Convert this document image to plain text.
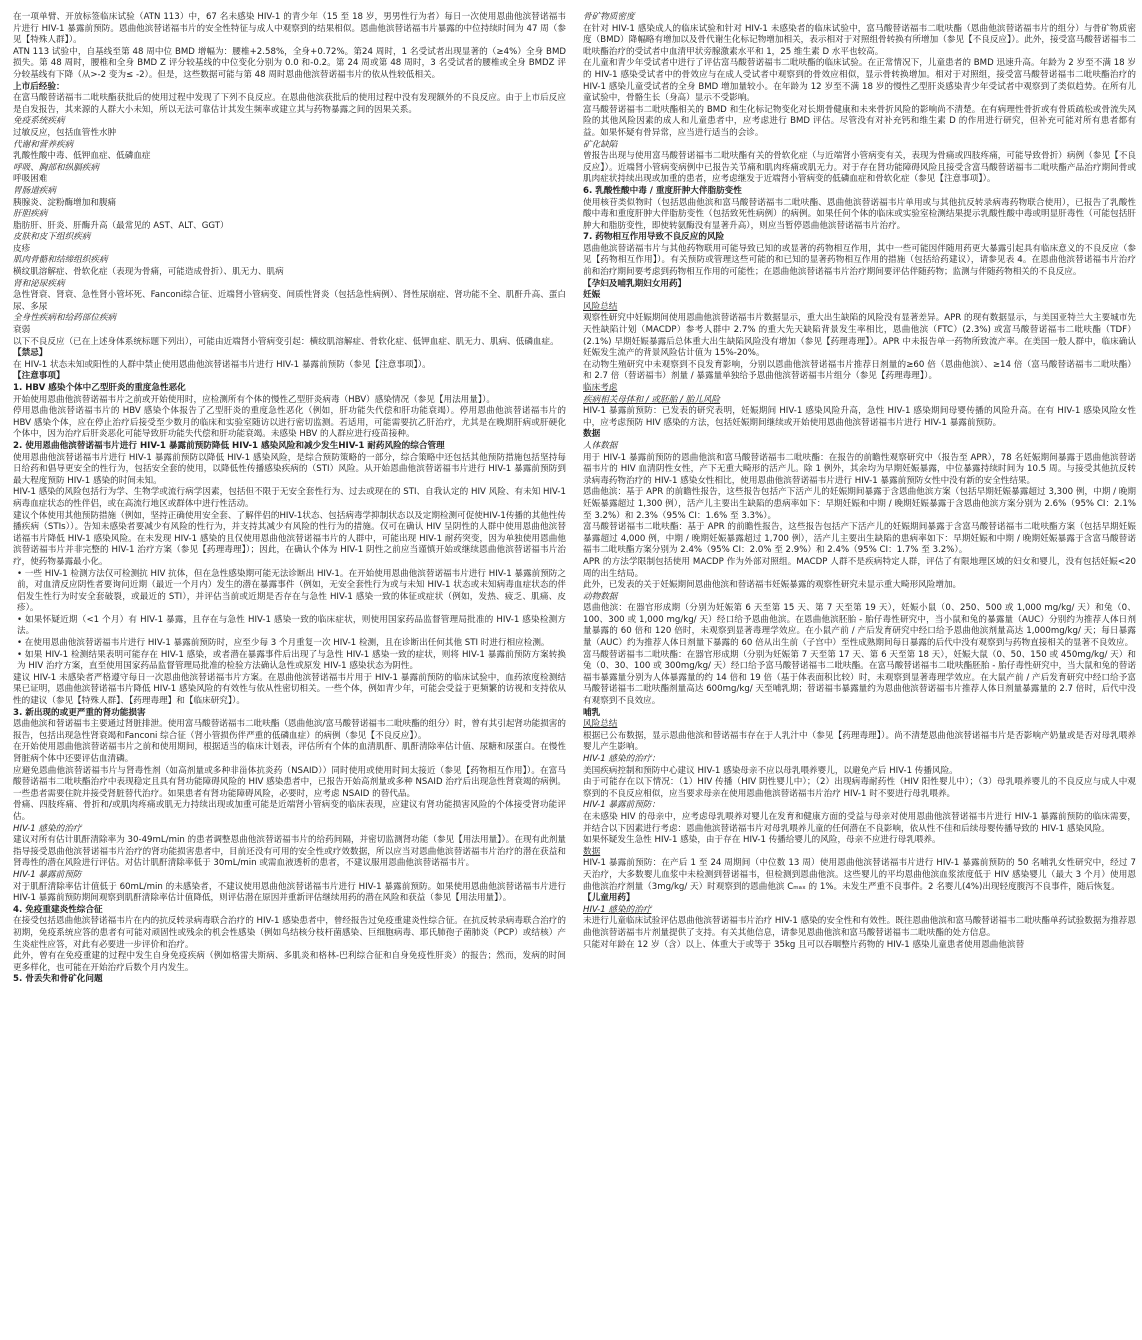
在一项单臂、开放标签临床试验（ATN 113）中，67 名未感染 HIV-1 的青少年（15 至 18 岁，男男性行为者）每日一次使用恩曲他滨替诺福韦片进行 HIV-1 暴露前预防。恩曲他滨替诺福韦片的安全性特征与成人中观察到的结果相似。恩曲他滨替诺福韦片暴露的中位持续时间为 47 周（参见【特殊人群】）。
ATN 113 试验中，自基线至第 48 周中位 BMD 增幅为：腰椎+2.58%，全身+0.72%。第24 周时，1 名受试者出现显著的（≥4%）全身 BMD 损失。第 48 周时，腰椎和全身 BMD Z 评分较基线的中位变化分别为 0.0 和-0.2。第 24 周或第 48 周时，3 名受试者的腰椎或全身 BMDZ 评分较基线有下降（从>-2 变为≤ -2）。但是，这些数据可能与第 48 周时恩曲他滨替诺福韦片的依从性较低相关。
上市后经验：
在富马酸替诺福韦二吡呋酯获批后的使用过程中发现了下列不良反应。在恩曲他滨获批后的使用过程中没有发现额外的不良反应。由于上市后反应是自发报告，其来源的人群大小未知，所以无法可靠估计其发生频率或建立其与药物暴露之间的因果关系。
免疫系统疾病
过敏反应，包括血管性水肿
代谢和营养疾病
乳酸性酸中毒、低钾血症、低磷血症
呼吸、胸部和纵膈疾病
呼吸困难
胃肠道疾病
胰腺炎、淀粉酶增加和腹痛
肝胆疾病
脂肪肝、肝炎、肝酶升高（最常见的 AST、ALT、GGT）
皮肤和皮下组织疾病
皮疹
肌肉骨骼和结缔组织疾病
横纹肌溶解症、骨软化症（表现为骨痛，可能造成骨折）、肌无力、肌病
肾和泌尿疾病
急性肾衰、肾衰、急性肾小管坏死、Fanconi综合征、近端肾小管病变、间质性肾炎（包括急性病例）、肾性尿崩症、肾功能不全、肌酐升高、蛋白尿、多尿
全身性疾病和给药部位疾病
衰弱
以下不良反应（已在上述身体系统标题下列出），可能由近端肾小管病变引起：横纹肌溶解症、骨软化症、低钾血症、肌无力、肌病、低磷血症。
【禁忌】
在 HIV-1 状态未知或阳性的人群中禁止使用恩曲他滨替诺福韦片进行 HIV-1 暴露前预防（参见【注意事项】）。
【注意事项】
1. HBV 感染个体中乙型肝炎的重度急性恶化
开始使用恩曲他滨替诺福韦片之前或开始使用时，应检测所有个体的慢性乙型肝炎病毒（HBV）感染情况（参见【用法用量】）。
停用恩曲他滨替诺福韦片的 HBV 感染个体报告了乙型肝炎的重度急性恶化（例如，肝功能失代偿和肝功能衰竭）。停用恩曲他滨替诺福韦片的 HBV 感染个体，应在停止治疗后接受至少数月的临床和实验室随访以进行密切监测。若适用，可能需要抗乙肝治疗，尤其是在晚期肝病或肝硬化个体中，因为治疗后肝炎恶化可能导致肝功能失代偿和肝功能衰竭。未感染 HBV 的人群应进行疫苗接种。
2. 使用恩曲他滨替诺福韦片进行 HIV-1 暴露前预防降低 HIV-1 感染风险和减少发生HIV-1 耐药风险的综合管理
使用恩曲他滨替诺福韦片进行 HIV-1 暴露前预防以降低 HIV-1 感染风险，是综合预防策略的一部分，综合策略中还包括其他预防措施包括坚持每日给药和倡导更安全的性行为，包括安全套的使用，以降低性传播感染疾病的（STI）风险。从开始恩曲他滨替诺福韦片进行 HIV-1 暴露前预防到最大程度预防 HIV-1 感染的时间未知。
HIV-1 感染的风险包括行为学、生物学或流行病学因素，包括但不限于无安全套性行为、过去或现在的 STI、自我认定的 HIV 风险、有未知 HIV-1 病毒血症状态的性伴侣，或在高流行地区或群体中进行性活动。
建议个体使用其他预防措施（例如，坚持正确使用安全套、了解伴侣的HIV-1状态、包括病毒学抑制状态以及定期检测可促使HIV-1传播的其他性传播疾病（STIs））。告知未感染者要减少有风险的性行为，并支持其减少有风险的性行为的措施。仅可在确认 HIV 呈阴性的人群中使用恩曲他滨替诺福韦片降低 HIV-1 感染风险。在未发现 HIV-1 感染的且仅使用恩曲他滨替诺福韦片的人群中，可能出现 HIV-1 耐药突变，因为单独使用恩曲他滨替诺福韦片并非完整的 HIV-1 治疗方案（参见【药理毒理】）；因此，在确认个体为 HIV-1 阴性之前应当谨慎开始或继续恩曲他滨替诺福韦片治疗，使药物暴露最小化。
• 一些 HIV-1 检测方法仅可检测抗 HIV 抗体，但在急性感染期可能无法诊断出 HIV-1。在开始使用恩曲他滨替诺福韦片进行 HIV-1 暴露前预防之前，对血清反应阴性者要询问近期（最近一个月内）发生的潜在暴露事件（例如，无安全套性行为或与未知 HIV-1 状态或未知病毒血症状态的伴侣发生性行为时安全套破裂，或最近的 STI），并评估当前或近期是否存在与急性 HIV-1 感染一致的体征或症状（例如，发热、疲乏、肌痛、皮疹）。
• 如果怀疑近期（<1 个月）有 HIV-1 暴露，且存在与急性 HIV-1 感染一致的临床症状，则使用国家药品监督管理局批准的 HIV-1 感染检测方法。
• 在使用恩曲他滨替诺福韦片进行 HIV-1 暴露前预防时，应至少每 3 个月重复一次 HIV-1 检测，且在诊断出任何其他 STI 时进行相应检测。
• 如果 HIV-1 检测结果表明可能存在 HIV-1 感染，或者潜在暴露事件后出现了与急性 HIV-1 感染一致的症状，则将 HIV-1 暴露前预防方案转换为 HIV 治疗方案，直至使用国家药品监督管理局批准的检验方法确认急性或原发 HIV-1 感染状态为阴性。
建议 HIV-1 未感染者严格遵守每日一次恩曲他滨替诺福韦片方案。在恩曲他滨替诺福韦片用于 HIV-1 暴露前预防的临床试验中，血药浓度检测结果已证明，恩曲他滨替诺福韦片降低 HIV-1 感染风险的有效性与依从性密切相关。一些个体，例如青少年，可能会受益于更频繁的访视和支持依从性的建议（参见【特殊人群】、【药理毒理】和【临床研究】）。
3. 新出现的或更严重的肾功能损害
恩曲他滨和替诺福韦主要通过肾脏排泄。使用富马酸替诺福韦二吡呋酯（恩曲他滨/富马酸替诺福韦二吡呋酯的组分）时，曾有其引起肾功能损害的报告，包括出现急性肾衰竭和Fanconi 综合征（肾小管损伤伴严重的低磷血症）的病例（参见【不良反应】）。
在开始使用恩曲他滨替诺福韦片之前和使用期间，根据适当的临床计划表，评估所有个体的血清肌酐、肌酐清除率估计值、尿糖和尿蛋白。在慢性肾脏病个体中还要评估血清磷。
应避免恩曲他滨替诺福韦片与肾毒性剂（如高剂量或多种非甾体抗炎药（NSAID））同时使用或使用时间太接近（参见【药物相互作用】）。在富马酸替诺福韦二吡呋酯治疗中表现稳定且具有肾功能障碍风险的 HIV 感染患者中，已报告开始高剂量或多种 NSAID 治疗后出现急性肾衰竭的病例。一些患者需要住院并接受肾脏替代治疗。如果患者有肾功能障碍风险，必要时，应考虑 NSAID 的替代品。
骨痛、四肢疼痛、骨折和/或肌肉疼痛或肌无力持续出现或加重可能是近端肾小管病变的临床表现，应建议有肾功能损害风险的个体接受肾功能评估。
HIV-1 感染的治疗
建议对所有估计肌酐清除率为 30-49mL/min 的患者调整恩曲他滨替诺福韦片的给药间隔，并密切监测肾功能（参见【用法用量】）。在现有此剂量指导接受恩曲他滨替诺福韦片治疗的肾功能损害患者中，目前还没有可用的安全性或疗效数据，所以应当对恩曲他滨替诺福韦片治疗的潜在获益和肾毒性的潜在风险进行评估。对估计肌酐清除率低于 30mL/min 或需血液透析的患者，不建议服用恩曲他滨替诺福韦片。
HIV-1 暴露前预防
对于肌酐清除率估计值低于 60mL/min 的未感染者，不建议使用恩曲他滨替诺福韦片进行 HIV-1 暴露前预防。如果使用恩曲他滨替诺福韦片进行 HIV-1 暴露前预防期间观察到肌酐清除率估计值降低，则评估潜在原因并重新评估继续用药的潜在风险和获益（参见【用法用量】）。
4. 免疫重建炎性综合征
在接受包括恩曲他滨替诺福韦片在内的抗反转录病毒联合治疗的 HIV-1 感染患者中，曾经报告过免疫重建炎性综合征。在抗反转录病毒联合治疗的初期，免疫系统应答的患者有可能对顽固性或残余的机会性感染（例如鸟结核分枝杆菌感染、巨细胞病毒、耶氏肺孢子菌肺炎（PCP）或结核）产生炎症性应答，对此有必要进一步评价和治疗。
此外，曾有在免疫重建的过程中发生自身免疫疾病（例如格雷夫斯病、多肌炎和格林-巴利综合征和自身免疫性肝炎）的报告；然而，发病的时间更多样化，也可能在开始治疗后数个月内发生。
5. 骨丢失和骨矿化问题
骨矿物质密度
在针对 HIV-1 感染成人的临床试验和针对 HIV-1 未感染者的临床试验中，富马酸替诺福韦二吡呋酯（恩曲他滨替诺福韦片的组分）与骨矿物质密度（BMD）降幅略有增加以及骨代谢生化标记物增加相关，表示相对于对照组骨转换有所增加（参见【不良反应】）。此外，接受富马酸替诺福韦二吡呋酯治疗的受试者中血清甲状旁腺激素水平和 1，25 维生素 D 水平也较高。
在儿童和青少年受试者中进行了评估富马酸替诺福韦二吡呋酯的临床试验。在正常情况下，儿童患者的 BMD 迅速升高。年龄为 2 岁至不满 18 岁的 HIV-1 感染受试者中的骨效应与在成人受试者中观察到的骨效应相似，显示骨转换增加。相对于对照组，接受富马酸替诺福韦二吡呋酯治疗的 HIV-1 感染儿童受试者的全身 BMD 增加量较小。在年龄为 12 岁至不满 18 岁的慢性乙型肝炎感染青少年受试者中观察到了类似趋势。在所有儿童试验中，骨骼生长（身高）显示不受影响。
富马酸替诺福韦二吡呋酯相关的 BMD 和生化标记物变化对长期骨健康和未来骨折风险的影响尚不清楚。在有病理性骨折或有骨质疏松或骨流失风险的其他风险因素的成人和儿童患者中，应考虑进行 BMD 评估。尽管没有对补充钙和维生素 D 的作用进行研究，但补充可能对所有患者都有益。如果怀疑有骨异常，应当进行适当的会诊。
矿化缺陷
曾报告出现与使用富马酸替诺福韦二吡呋酯有关的骨软化症（与近端肾小管病变有关，表现为骨痛或四肢疼痛，可能导致骨折）病例（参见【不良反应】）。近端肾小管病变病例中已报告关节痛和肌肉疼痛或肌无力。对于存在肾功能障碍风险且接受含富马酸替诺福韦二吡呋酯产品治疗期间骨或肌肉症状持续出现或加重的患者，应考虑继发于近端肾小管病变的低磷血症和骨软化症（参见【注意事项】）。
6. 乳酸性酸中毒 / 重度肝肿大伴脂肪变性
使用核苷类似物时（包括恩曲他滨和富马酸替诺福韦二吡呋酯、恩曲他滨替诺福韦片单用或与其他抗反转录病毒药物联合使用），已报告了乳酸性酸中毒和重度肝肿大伴脂肪变性（包括致死性病例）的病例。如果任何个体的临床或实验室检测结果提示乳酸性酸中毒或明显肝毒性（可能包括肝肿大和脂肪变性，即使转氨酶没有显著升高），则应当暂停恩曲他滨替诺福韦片治疗。
7. 药物相互作用导致不良反应的风险
恩曲他滨替诺福韦片与其他药物联用可能导致已知的或显著的药物相互作用，其中一些可能因伴随用药更大暴露引起具有临床意义的不良反应（参见【药物相互作用】）。有关预防或管理这些可能的和已知的显著药物相互作用的措施（包括给药建议），请参见表 4。在恩曲他滨替诺福韦片治疗前和治疗期间要考虑到药物相互作用的可能性；在恩曲他滨替诺福韦片治疗期间要评估伴随药物；监测与伴随药物相关的不良反应。
【孕妇及哺乳期妇女用药】
妊娠
风险总结
观察性研究中妊娠期间使用恩曲他滨替诺福韦片数据显示，重大出生缺陷的风险没有显著差异。APR 的现有数据显示，与美国亚特兰大主要城市先天性缺陷计划（MACDP）参考人群中 2.7% 的重大先天缺陷背景发生率相比，恩曲他滨（FTC）(2.3%) 或富马酸替诺福韦二吡呋酯（TDF）(2.1%) 早期妊娠暴露后总体重大出生缺陷风险没有增加（参见【药理毒理】）。APR 中未报告单一药物所致流产率。在美国一般人群中，临床确认妊娠发生流产的背景风险估计值为 15%-20%。
在动物生殖研究中未观察到不良发育影响，分别以恩曲他滨替诺福韦片推荐日剂量的≥60 倍（恩曲他滨）、≥14 倍（富马酸替诺福韦二吡呋酯）和 2.7 倍（替诺福韦）剂量 / 暴露量单独给予恩曲他滨替诺福韦片组分（参见【药理毒理】）。
临床考虑
疾病相关母体和 / 或胚胎 / 胎儿风险
HIV-1 暴露前预防：已发表的研究表明，妊娠期间 HIV-1 感染风险升高，急性 HIV-1 感染期间母婴传播的风险升高。在有 HIV-1 感染风险女性中，应考虑预防 HIV 感染的方法，包括妊娠期间继续或开始使用恩曲他滨替诺福韦片进行 HIV-1 暴露前预防。
数据
人体数据
用于 HIV-1 暴露前预防的恩曲他滨和富马酸替诺福韦二吡呋酯：在报告的前瞻性观察研究中（报告至 APR），78 名妊娠期间暴露于恩曲他滨替诺福韦片的 HIV 血清阴性女性，产下无重大畸形的活产儿。除 1 例外，其余均为早期妊娠暴露，中位暴露持续时间为 10.5 周。与接受其他抗反转录病毒药物治疗的 HIV-1 感染女性相比，使用恩曲他滨替诺福韦片进行 HIV-1 暴露前预防女性中没有新的安全性结果。
恩曲他滨：基于 APR 的前瞻性报告，这些报告包括产下活产儿的妊娠期间暴露于含恩曲他滨方案（包括早期妊娠暴露超过 3,300 例，中期 / 晚期妊娠暴露超过 1,300 例），活产儿主要出生缺陷的患病率如下：早期妊娠和中期 / 晚期妊娠暴露于含恩曲他滨方案分别为 2.6%（95% CI：2.1% 至 3.2%）和 2.3%（95% CI：1.6% 至 3.3%）。
富马酸替诺福韦二吡呋酯：基于 APR 的前瞻性报告，这些报告包括产下活产儿的妊娠期间暴露于含富马酸替诺福韦二吡呋酯方案（包括早期妊娠暴露超过 4,000 例，中期 / 晚期妊娠暴露超过 1,700 例），活产儿主要出生缺陷的患病率如下：早期妊娠和中期 / 晚期妊娠暴露于含富马酸替诺福韦二吡呋酯方案分别为 2.4%（95% CI：2.0% 至 2.9%）和 2.4%（95% CI：1.7% 至 3.2%）。
APR 的方法学限制包括使用 MACDP 作为外部对照组。MACDP 人群不是疾病特定人群，评估了有限地理区域的妇女和婴儿，没有包括妊娠<20 周的出生结局。
此外，已发表的关于妊娠期间恩曲他滨和替诺福韦妊娠暴露的观察性研究未显示重大畸形风险增加。
动物数据
恩曲他滨：在器官形成期（分别为妊娠第 6 天至第 15 天、第 7 天至第 19 天），妊娠小鼠（0、250、500 或 1,000 mg/kg/ 天）和兔（0、100、300 或 1,000 mg/kg/ 天）经口给予恩曲他滨。在恩曲他滨胚胎 - 胎仔毒性研究中，当小鼠和兔的暴露量（AUC）分别约为推荐人体日剂量暴露的 60 倍和 120 倍时，未观察到显著毒理学效应。在小鼠产前 / 产后发育研究中经口给予恩曲他滨剂量高达 1,000mg/kg/ 天；每日暴露量（AUC）约为推荐人体日剂量下暴露的 60 倍从出生前（子宫中）至性成熟期间每日暴露的后代中没有观察到与药物直接相关的显著不良效应。
富马酸替诺福韦二吡呋酯：在器官形成期（分别为妊娠第 7 天至第 17 天、第 6 天至第 18 天），妊娠大鼠（0、50、150 或 450mg/kg/ 天）和兔（0、30、100 或 300mg/kg/ 天）经口给予富马酸替诺福韦二吡呋酯。在富马酸替诺福韦二吡呋酯胚胎 - 胎仔毒性研究中，当大鼠和兔的替诺福韦暴露量分别为人体暴露量的约 14 倍和 19 倍（基于体表面积比较）时，未观察到显著毒理学效应。在大鼠产前 / 产后发育研究中经口给予富马酸替诺福韦二吡呋酯剂量高达 600mg/kg/ 天至哺乳期；替诺福韦暴露量约为恩曲他滨替诺福韦片推荐人体日剂量暴露量的 2.7 倍时，后代中没有观察到不良效应。
哺乳
风险总结
根据已公布数据，显示恩曲他滨和替诺福韦存在于人乳汁中（参见【药理毒理】）。尚不清楚恩曲他滨替诺福韦片是否影响产奶量或是否对母乳喂养婴儿产生影响。
HIV-1 感染的治疗：
美国疾病控制和预防中心建议 HIV-1 感染母亲不应以母乳喂养婴儿，以避免产后 HIV-1 传播风险。
由于可能存在以下情况：（1）HIV 传播（HIV 阴性婴儿中）；（2）出现病毒耐药性（HIV 阳性婴儿中）；（3）母乳喂养婴儿的不良反应与成人中观察到的不良反应相似，应当要求母亲在使用恩曲他滨替诺福韦片治疗 HIV-1 时不要进行母乳喂养。
HIV-1 暴露前预防：
在未感染 HIV 的母亲中，应考虑母乳喂养对婴儿在发育和健康方面的受益与母亲对使用恩曲他滨替诺福韦片进行 HIV-1 暴露前预防的临床需要，并结合以下因素进行考虑：恩曲他滨替诺福韦片对母乳喂养儿童的任何潜在不良影响，依从性不佳和后续母婴传播导致的 HIV-1 感染风险。
如果怀疑发生急性 HIV-1 感染，由于存在 HIV-1 传播给婴儿的风险，母亲不应进行母乳喂养。
数据
HIV-1 暴露前预防：在产后 1 至 24 周期间（中位数 13 周）使用恩曲他滨替诺福韦片进行 HIV-1 暴露前预防的 50 名哺乳女性研究中，经过 7 天治疗，大多数婴儿血浆中未检测到替诺福韦，但检测到恩曲他滨。这些婴儿的平均恩曲他滨血浆浓度低于 HIV 感染婴儿（最大 3 个月）使用恩曲他滨治疗剂量（3mg/kg/ 天）时观察到的恩曲他滨 Cₘₐₓ 的 1%。未发生严重不良事件。2 名婴儿(4%)出现轻度腹泻不良事件，随后恢复。
【儿童用药】
HIV-1 感染的治疗
未进行儿童临床试验评估恩曲他滨替诺福韦片治疗 HIV-1 感染的安全性和有效性。既往恩曲他滨和富马酸替诺福韦二吡呋酯单药试验数据为推荐恩曲他滨替诺福韦片剂量提供了支持。有关其他信息，请参见恩曲他滨和富马酸替诺福韦二吡呋酯的处方信息。
只能对年龄在 12 岁（含）以上、体重大于或等于 35kg 且可以吞咽整片药物的 HIV-1 感染儿童患者使用恩曲他滨替
